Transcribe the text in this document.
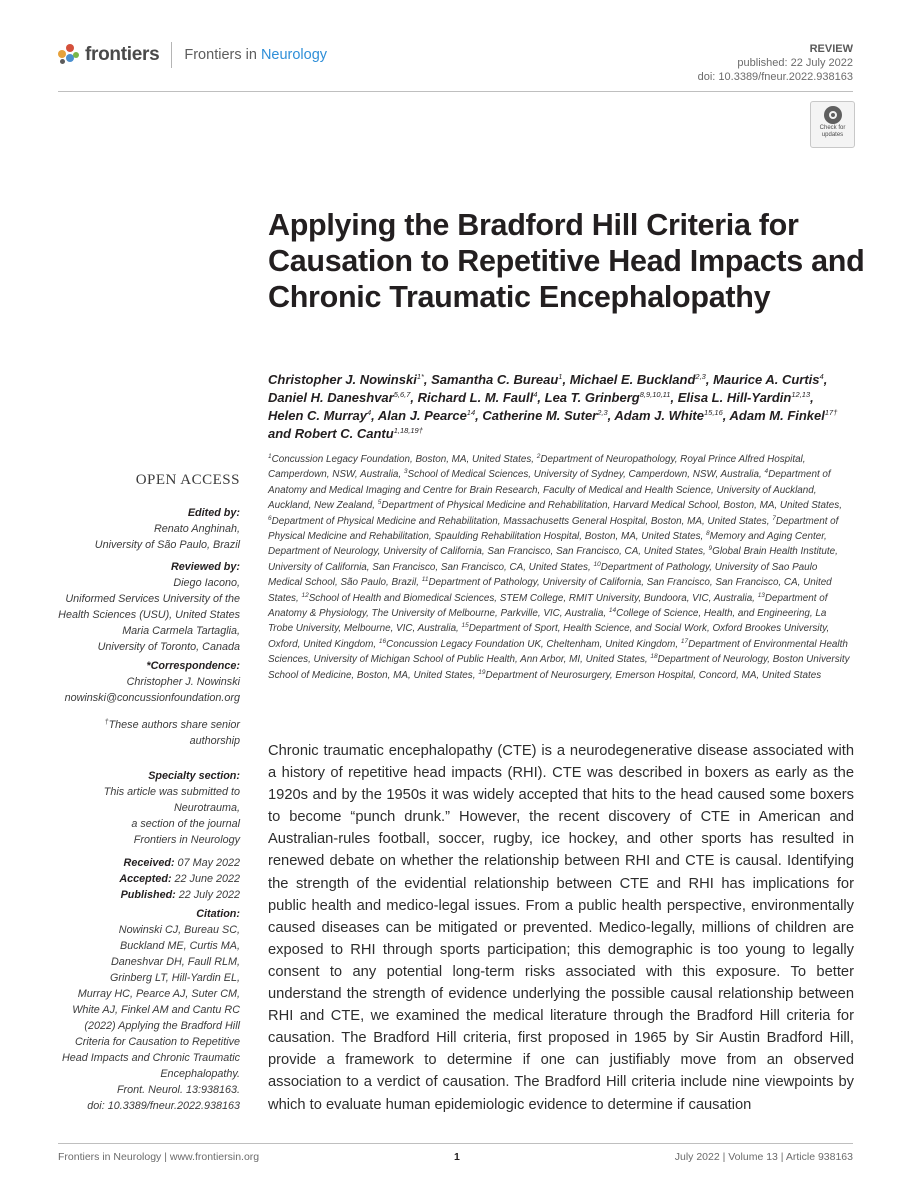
frontiers Frontiers in Neurology	REVIEW
published: 22 July 2022
doi: 10.3389/fneur.2022.938163
Check for
updates
Applying the Bradford Hill Criteria for Causation to Repetitive Head Impacts and Chronic Traumatic Encephalopathy
Christopher J. Nowinski$^{1*}$, Samantha C. Bureau$^1$, Michael E. Buckland$^{2,3}$, Maurice A. Curtis$^4$, Daniel H. Daneshvar$^{5,6,7}$, Richard L. M. Faull$^4$, Lea T. Grinberg$^{8,9,10,11}$, Elisa L. Hill-Yardin$^{12,13}$, Helen C. Murray$^4$, Alan J. Pearce$^{14}$, Catherine M. Suter$^{2,3}$, Adam J. White$^{15,16}$, Adam M. Finkel$^{17\dagger}$ and Robert C. Cantu$^{1,18,19\dagger}$
$^1$Concussion Legacy Foundation, Boston, MA, United States, $^2$Department of Neuropathology, Royal Prince Alfred Hospital, Camperdown, NSW, Australia, $^3$School of Medical Sciences, University of Sydney, Camperdown, NSW, Australia, $^4$Department of Anatomy and Medical Imaging and Centre for Brain Research, Faculty of Medical and Health Science, University of Auckland, Auckland, New Zealand, $^5$Department of Physical Medicine and Rehabilitation, Harvard Medical School, Boston, MA, United States, $^6$Department of Physical Medicine and Rehabilitation, Massachusetts General Hospital, Boston, MA, United States, $^7$Department of Physical Medicine and Rehabilitation, Spaulding Rehabilitation Hospital, Boston, MA, United States, $^8$Memory and Aging Center, Department of Neurology, University of California, San Francisco, San Francisco, CA, United States, $^9$Global Brain Health Institute, University of California, San Francisco, San Francisco, CA, United States, $^{10}$Department of Pathology, University of Sao Paulo Medical School, São Paulo, Brazil, $^{11}$Department of Pathology, University of California, San Francisco, San Francisco, CA, United States, $^{12}$School of Health and Biomedical Sciences, STEM College, RMIT University, Bundoora, VIC, Australia, $^{13}$Department of Anatomy & Physiology, The University of Melbourne, Parkville, VIC, Australia, $^{14}$College of Science, Health, and Engineering, La Trobe University, Melbourne, VIC, Australia, $^{15}$Department of Sport, Health Science, and Social Work, Oxford Brookes University, Oxford, United Kingdom, $^{16}$Concussion Legacy Foundation UK, Cheltenham, United Kingdom, $^{17}$Department of Environmental Health Sciences, University of Michigan School of Public Health, Ann Arbor, MI, United States, $^{18}$Department of Neurology, Boston University School of Medicine, Boston, MA, United States, $^{19}$Department of Neurosurgery, Emerson Hospital, Concord, MA, United States
OPEN ACCESS
Edited by:
Renato Anghinah,
University of São Paulo, Brazil
Reviewed by:
Diego Iacono,
Uniformed Services University of the
Health Sciences (USU), United States
Maria Carmela Tartaglia,
University of Toronto, Canada
*Correspondence:
Christopher J. Nowinski
nowinski@concussionfoundation.org
†These authors share senior
authorship
Specialty section:
This article was submitted to
Neurotrauma,
a section of the journal
Frontiers in Neurology
Received: 07 May 2022
Accepted: 22 June 2022
Published: 22 July 2022
Citation:
Nowinski CJ, Bureau SC,
Buckland ME, Curtis MA,
Daneshvar DH, Faull RLM,
Grinberg LT, Hill-Yardin EL,
Murray HC, Pearce AJ, Suter CM,
White AJ, Finkel AM and Cantu RC
(2022) Applying the Bradford Hill
Criteria for Causation to Repetitive
Head Impacts and Chronic Traumatic
Encephalopathy.
Front. Neurol. 13:938163.
doi: 10.3389/fneur.2022.938163

Chronic traumatic encephalopathy (CTE) is a neurodegenerative disease associated with a history of repetitive head impacts (RHI). CTE was described in boxers as early as the 1920s and by the 1950s it was widely accepted that hits to the head caused some boxers to become “punch drunk.” However, the recent discovery of CTE in American and Australian-rules football, soccer, rugby, ice hockey, and other sports has resulted in renewed debate on whether the relationship between RHI and CTE is causal. Identifying the strength of the evidential relationship between CTE and RHI has implications for public health and medico-legal issues. From a public health perspective, environmentally caused diseases can be mitigated or prevented. Medico-legally, millions of children are exposed to RHI through sports participation; this demographic is too young to legally consent to any potential long-term risks associated with this exposure. To better understand the strength of evidence underlying the possible causal relationship between RHI and CTE, we examined the medical literature through the Bradford Hill criteria for causation. The Bradford Hill criteria, first proposed in 1965 by Sir Austin Bradford Hill, provide a framework to determine if one can justifiably move from an observed association to a verdict of causation. The Bradford Hill criteria include nine viewpoints by which to evaluate human epidemiologic evidence to determine if causation

Frontiers in Neurology | www.frontiersin.org	1	July 2022 | Volume 13 | Article 938163
